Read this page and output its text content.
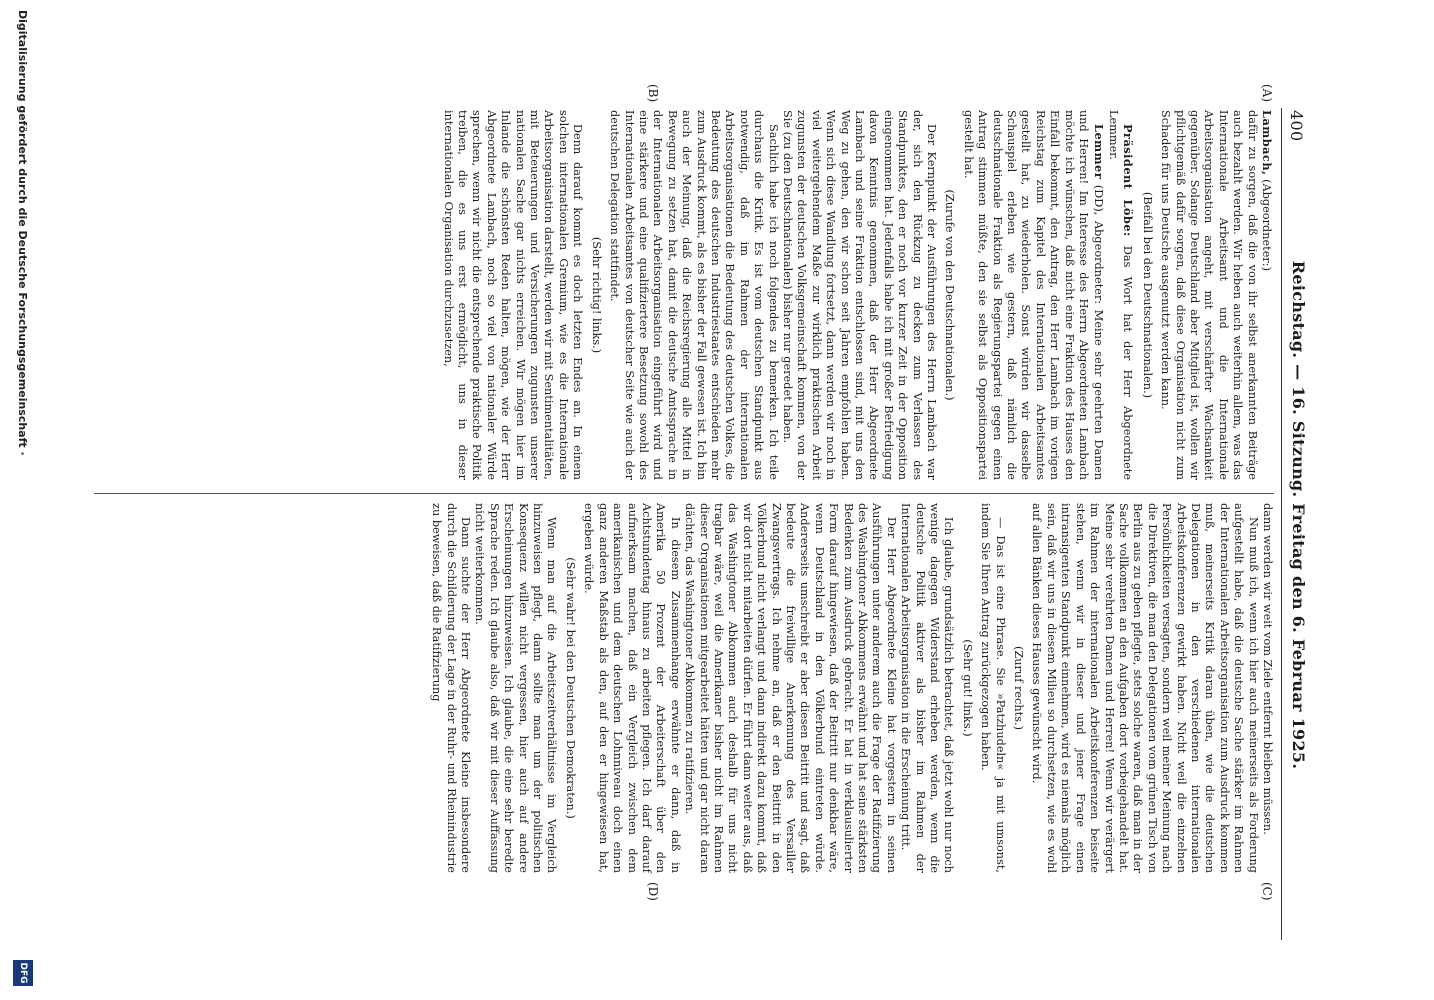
400
Reichstag. — 16. Sitzung. Freitag den 6. Februar 1925.
(A)
(B)
(C)
(D)

Lambach, (Abgeordneter:)

dafür zu sorgen, daß die von ihr selbst anerkannten Beiträge auch bezahlt werden. Wir heben auch weiterhin allem, was das Internationale Arbeitsamt und die Internationale Arbeitsorganisation angeht, mit verschärfter Wachsamkeit gegenüber. Solange Deutschland aber Mitglied ist, wollen wir pflichtgemäß dafür sorgen, daß diese Organisation nicht zum Schaden für uns Deutsche ausgenutzt werden kann.

(Beifall bei den Deutschnationalen.)

Präsident Löbe: Das Wort hat der Herr Abgeordnete Lemmer.

Lemmer (DD), Abgeordneter: Meine sehr geehrten Damen und Herren! Im Interesse des Herrn Abgeordneten Lambach möchte ich wünschen, daß nicht eine Fraktion des Hauses den Einfall bekommt, den Antrag, den Herr Lambach im vorigen Reichstag zum Kapitel des Internationalen Arbeitsamtes gestellt hat, zu wiederholen. Sonst würden wir dasselbe Schauspiel erleben wie gestern, daß nämlich die deutschnationale Fraktion als Regierungspartei gegen einen Antrag stimmen müßte, den sie selbst als Oppositionspartei gestellt hat.

(Zurufe von den Deutschnationalen.)

Der Kernpunkt der Ausführungen des Herrn Lambach war der, sich den Rückzug zu decken zum Verlassen des Standpunktes, den er noch vor kurzer Zeit in der Opposition eingenommen hat. Jedenfalls habe ich mit großer Befriedigung davon Kenntnis genommen, daß der Herr Abgeordnete Lambach und seine Fraktion entschlossen sind, mit uns den Weg zu gehen, den wir schon seit Jahren empfohlen haben. Wenn sich diese Wandlung fortsetzt, dann werden wir noch in viel weitergehendem Maße zur wirklich praktischen Arbeit zugunsten der deutschen Volksgemeinschaft kommen, von der Sie (zu den Deutschnationalen) bisher nur geredet haben.

Sachlich habe ich noch folgendes zu bemerken. Ich teile durchaus die Kritik. Es ist vom deutschen Standpunkt aus notwendig, daß im Rahmen der internationalen Arbeitsorganisationen die Bedeutung des deutschen Volkes, die Bedeutung des deutschen Industriestaates entschieden mehr zum Ausdruck kommt, als es bisher der Fall gewesen ist. Ich bin auch der Meinung, daß die Reichsregierung alle Mittel in Bewegung zu setzen hat, damit die deutsche Amtssprache in der Internationalen Arbeitsorganisation eingeführt wird und eine stärkere und eine qualifiziertere Besetzung sowohl des Internationalen Arbeitsamtes von deutscher Seite wie auch der deutschen Delegation stattfindet.

(Sehr richtig! links.)

Denn darauf kommt es doch letzten Endes an. In einem solchen internationalen Gremium, wie es die Internationale Arbeitsorganisation darstellt, werden wir mit Sentimentalitäten, mit Beteuerungen und Versicherungen zugunsten unserer nationalen Sache gar nichts erreichen. Wir mögen hier im Inlande die schönsten Reden halten, mögen, wie der Herr Abgeordnete Lambach, noch so viel von nationaler Würde sprechen, wenn wir nicht die entsprechende praktische Politik treiben, die es uns erst ermöglicht, uns in dieser internationalen Organisation durchzusetzen,

dann werden wir weit vom Ziele entfernt bleiben müssen.

Nun muß ich, wenn ich hier auch meinerseits als Forderung aufgestellt habe, daß die deutsche Sache stärker im Rahmen der Internationalen Arbeitsorganisation zum Ausdruck kommen muß, meinerseits Kritik daran üben, wie die deutschen Delegationen in den verschiedenen internationalen Arbeitskonferenzen gewirkt haben. Nicht weil die einzelnen Persönlichkeiten versagten, sondern weil meiner Meinung nach die Direktiven, die man den Delegationen vom grünen Tisch von Berlin aus zu geben pflegte, stets solche waren, daß man in der Sache vollkommen an den Aufgaben dort vorbeigehandelt hat. Meine sehr verehrten Damen und Herren! Wenn wir verärgert im Rahmen der internationalen Arbeitskonferenzen beiseite stehen, wenn wir in dieser und jener Frage einen intransigenten Standpunkt einnehmen, wird es niemals möglich sein, daß wir uns in diesem Milieu so durchsetzen, wie es wohl auf allen Bänken dieses Hauses gewünscht wird.

(Zuruf rechts.)

— Das ist eine Phrase. Sie »Patzhudeln« ja mit umsonst, indem Sie Ihren Antrag zurückgezogen haben.

(Sehr gut! links.)

Ich glaube, grundsätzlich betrachtet, daß jetzt wohl nur noch wenige dagegen Widerstand erheben werden, wenn die deutsche Politik aktiver als bisher im Rahmen der Internationalen Arbeitsorganisation in die Erscheinung tritt.

Der Herr Abgeordnete Kleine hat vorgestern in seinen Ausführungen unter anderem auch die Frage der Ratifizierung des Washingtoner Abkommens erwähnt und hat seine stärksten Bedenken zum Ausdruck gebracht. Er hat in verklausulierter Form darauf hingewiesen, daß der Beitritt nur denkbar wäre, wenn Deutschland in den Völkerbund eintreten würde. Andererseits umschreibt er aber diesen Beitritt und sagt, daß bedeute die freiwillige Anerkennung des Versailler Zwangsvertrags. Ich nehme an, daß er den Beitritt in den Völkerbund nicht verlangt und dann indirekt dazu kommt, daß wir dort nicht mitarbeiten dürfen. Er führt dann weiter aus, daß das Washingtoner Abkommen auch deshalb für uns nicht tragbar wäre, weil die Amerikaner bisher nicht im Rahmen dieser Organisationen mitgearbeitet hätten und gar nicht daran dächten, das Washingtoner Abkommen zu ratifizieren.

In diesem Zusammenhange erwähnte er dann, daß in Amerika 50 Prozent der Arbeiterschaft über den Achtstundentag hinaus zu arbeiten pflegen. Ich darf darauf aufmerksam machen, daß ein Vergleich zwischen dem amerikanischen und dem deutschen Lohnniveau doch einen ganz anderen Maßstab als den, auf den er hingewiesen hat, ergeben würde.

(Sehr wahr! bei den Deutschen Demokraten.)

Wenn man auf die Arbeitszeitverhältnisse im Vergleich hinzuweisen pflegt, dann sollte man um der politischen Konsequenz willen nicht vergessen, hier auch auf andere Erscheinungen hinzuweisen. Ich glaube, die eine sehr beredte Sprache reden. Ich glaube also, daß wir mit dieser Auffassung nicht weiterkommen.

Dann suchte der Herr Abgeordnete Kleine insbesondere durch die Schilderung der Lage in der Ruhr- und Rheinindustrie zu beweisen, daß die Ratifizierung

Digitalisierung gefördert durch die Deutsche Forschungsgemeinschaft ·
DFG
